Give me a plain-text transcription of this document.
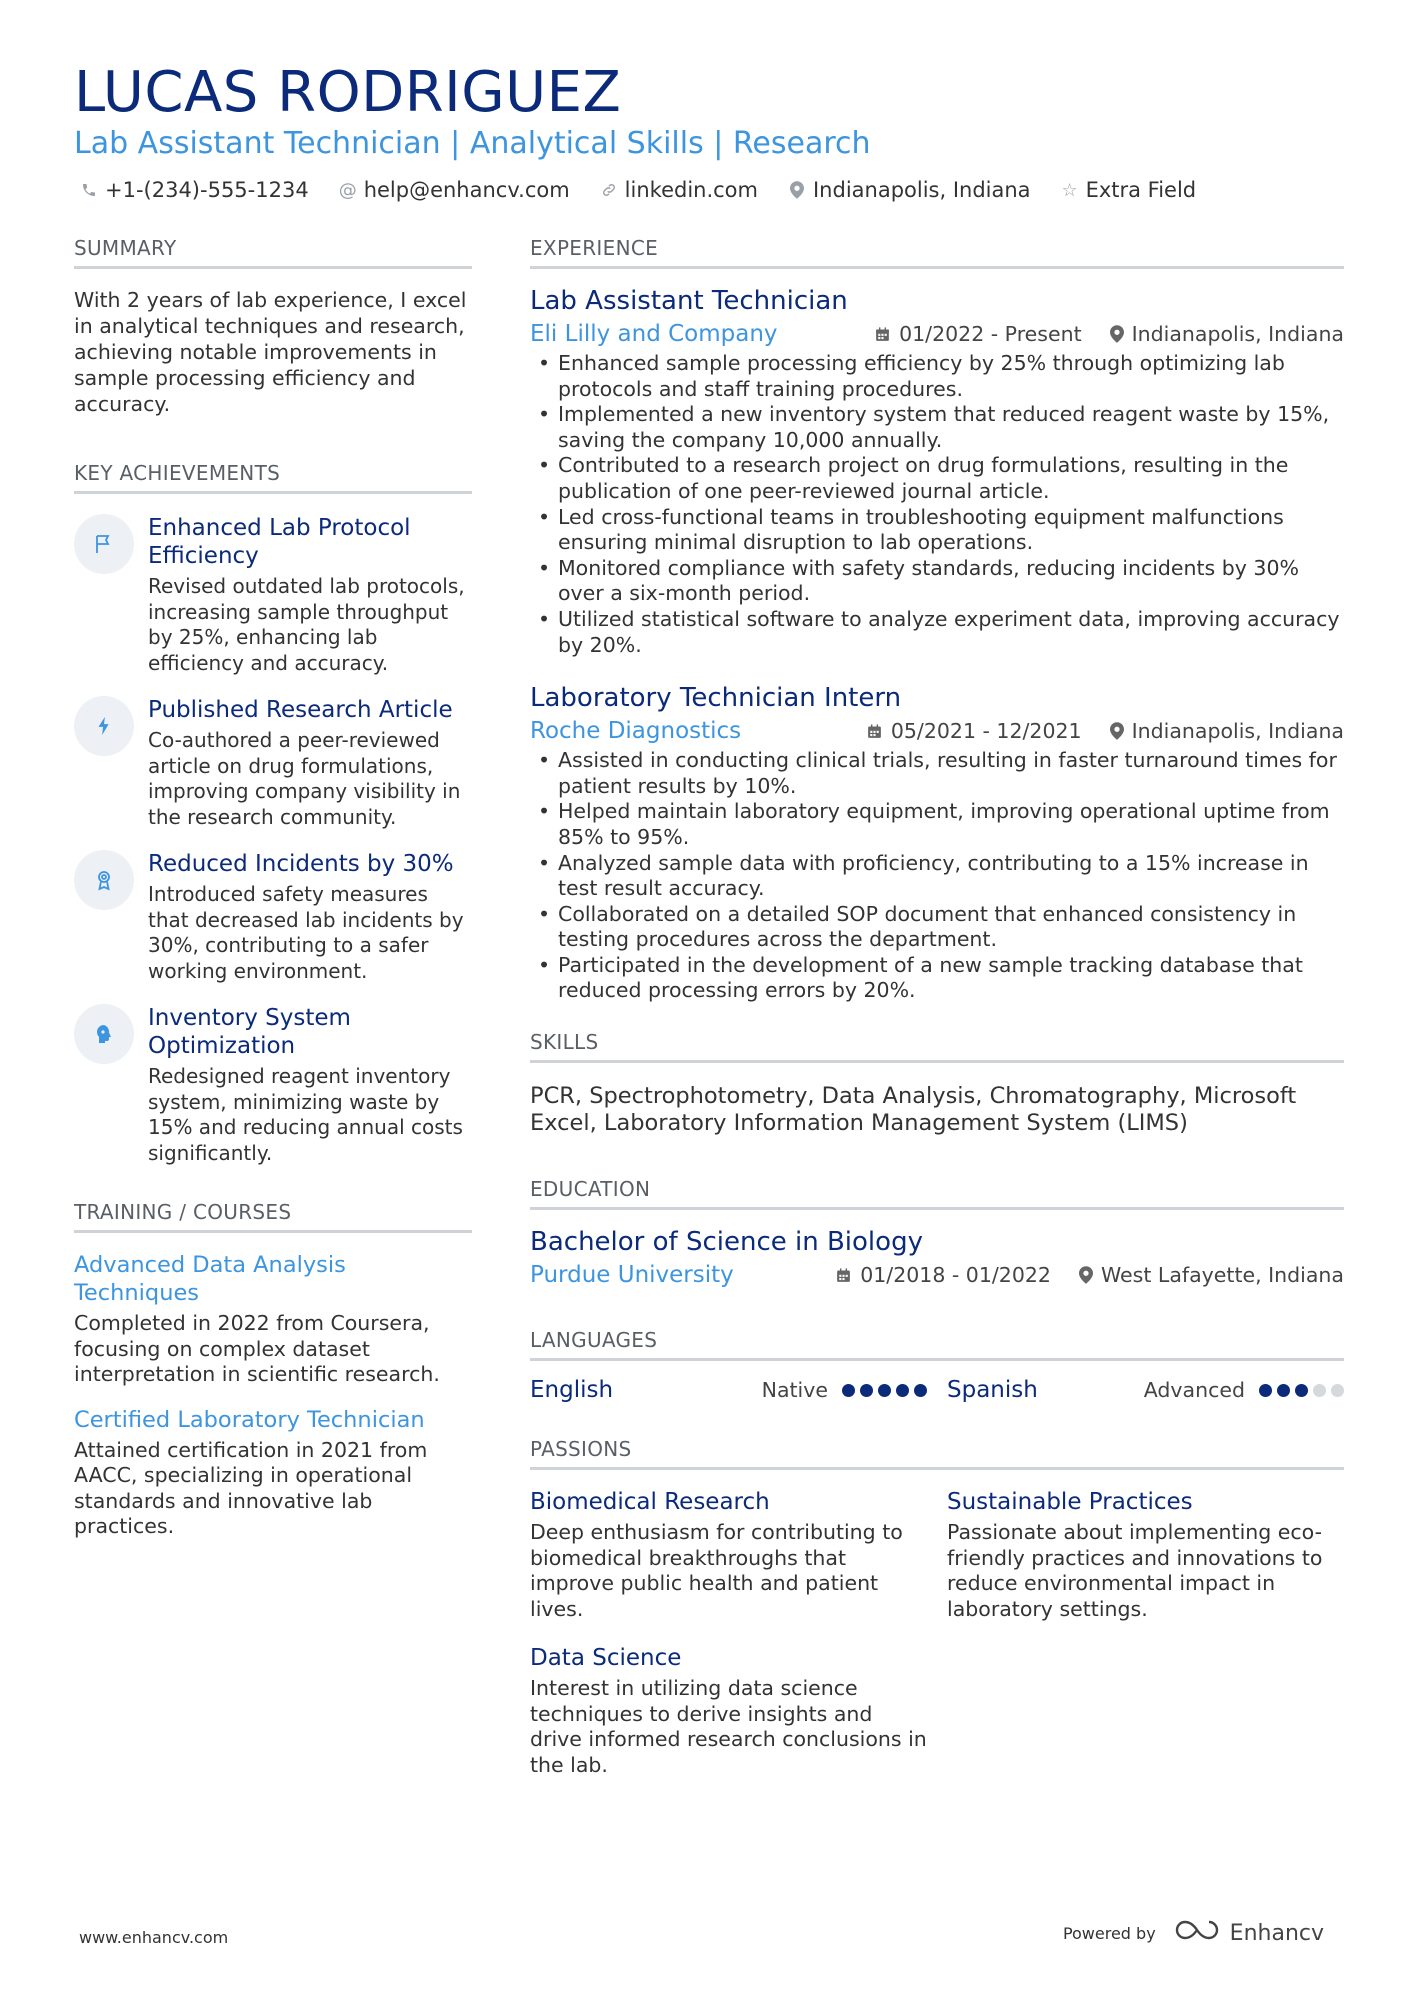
LUCAS RODRIGUEZ
Lab Assistant Technician | Analytical Skills | Research
+1-(234)-555-1234 @ help@enhancv.com	linkedin.com	Indianapolis, Indiana ☆ Extra Field
SUMMARY
With 2 years of lab experience, I excel in analytical techniques and research, achieving notable improvements in sample processing efficiency and accuracy.
KEY ACHIEVEMENTS
Enhanced Lab Protocol Efficiency
Revised outdated lab protocols, increasing sample throughput by 25%, enhancing lab efficiency and accuracy.
Published Research Article
Co-authored a peer-reviewed article on drug formulations, improving company visibility in the research community.
Reduced Incidents by 30%
Introduced safety measures that decreased lab incidents by 30%, contributing to a safer working environment.
Inventory System Optimization
Redesigned reagent inventory system, minimizing waste by 15% and reducing annual costs significantly.
TRAINING / COURSES
Advanced Data Analysis Techniques
Completed in 2022 from Coursera, focusing on complex dataset interpretation in scientific research.
Certified Laboratory Technician
Attained certification in 2021 from AACC, specializing in operational standards and innovative lab practices.
EXPERIENCE
Lab Assistant Technician
Eli Lilly and Company	01/2022 - Present Indianapolis, Indiana
• Enhanced sample processing efficiency by 25% through optimizing lab protocols and staff training procedures.
• Implemented a new inventory system that reduced reagent waste by 15%, saving the company 10,000 annually.
• Contributed to a research project on drug formulations, resulting in the publication of one peer-reviewed journal article.
• Led cross-functional teams in troubleshooting equipment malfunctions ensuring minimal disruption to lab operations.
• Monitored compliance with safety standards, reducing incidents by 30% over a six-month period.
• Utilized statistical software to analyze experiment data, improving accuracy by 20%.
Laboratory Technician Intern
Roche Diagnostics	05/2021 - 12/2021 Indianapolis, Indiana
• Assisted in conducting clinical trials, resulting in faster turnaround times for patient results by 10%.
• Helped maintain laboratory equipment, improving operational uptime from 85% to 95%.
• Analyzed sample data with proficiency, contributing to a 15% increase in test result accuracy.
• Collaborated on a detailed SOP document that enhanced consistency in testing procedures across the department.
• Participated in the development of a new sample tracking database that reduced processing errors by 20%.
SKILLS
PCR, Spectrophotometry, Data Analysis, Chromatography, Microsoft Excel, Laboratory Information Management System (LIMS)
EDUCATION
Bachelor of Science in Biology
Purdue University	01/2018 - 01/2022 West Lafayette, Indiana
LANGUAGES
English	Native	Spanish	Advanced
PASSIONS
Biomedical Research
Deep enthusiasm for contributing to biomedical breakthroughs that improve public health and patient lives.
Sustainable Practices
Passionate about implementing eco-friendly practices and innovations to reduce environmental impact in laboratory settings.
Data Science
Interest in utilizing data science techniques to derive insights and drive informed research conclusions in the lab.
www.enhancv.com	Powered by	Enhancv
